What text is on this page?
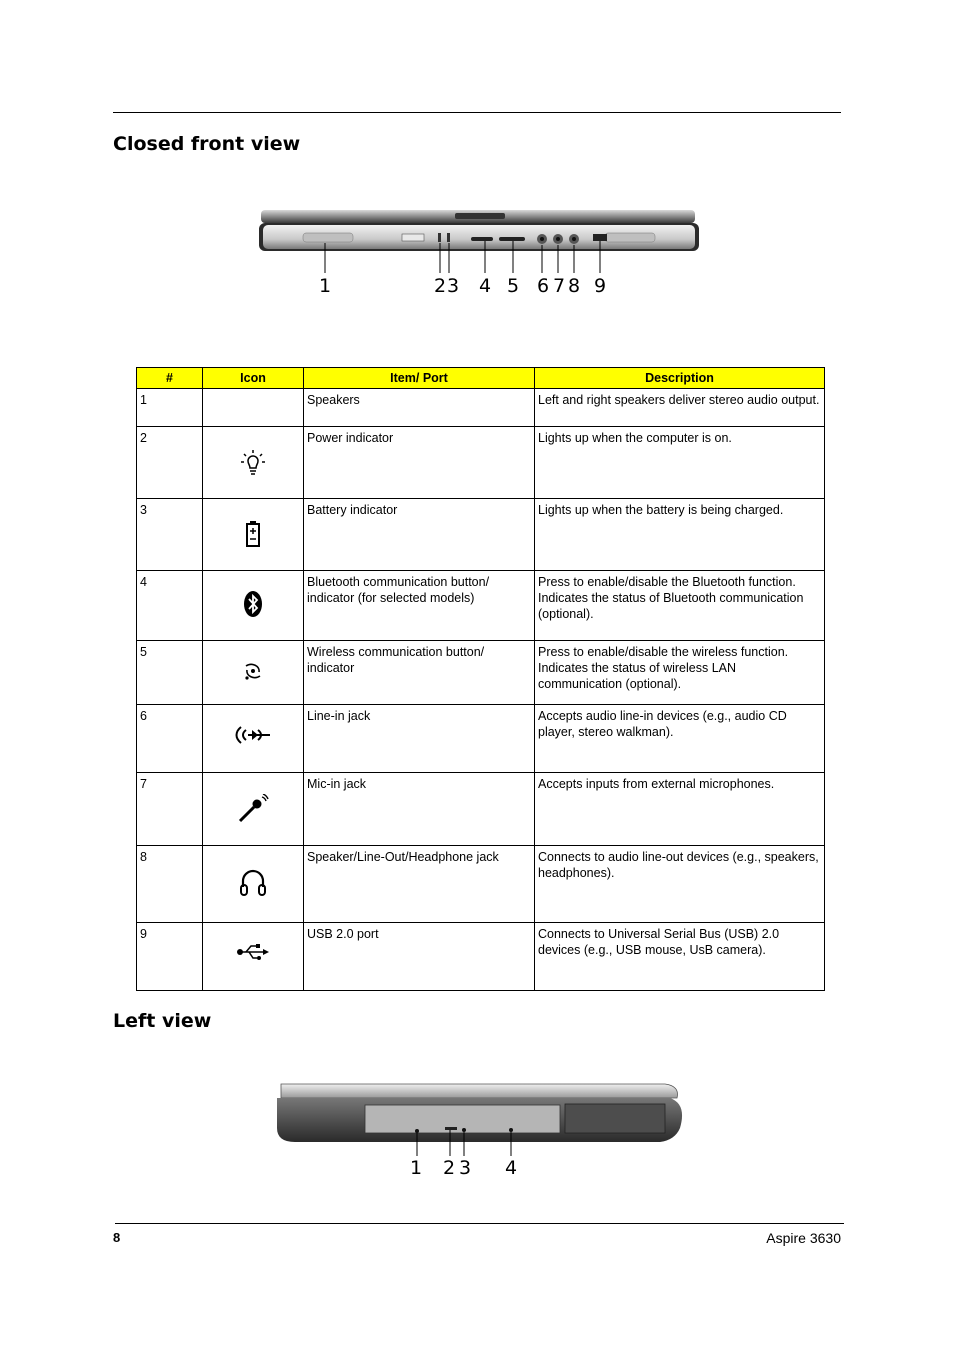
Closed front view
1	2 3 4 5 6 7 8 9
#	Icon	Item/ Port	Description
1		Speakers	Left and right speakers deliver stereo audio output.
2		Power indicator	Lights up when the computer is on.
3		Battery indicator	Lights up when the battery is being charged.
4		Bluetooth communication button/ indicator (for selected models)	Press to enable/disable the Bluetooth function. Indicates the status of Bluetooth communication (optional).
5		Wireless communication button/ indicator	Press to enable/disable the wireless function. Indicates the status of wireless LAN communication (optional).
6		Line-in jack	Accepts audio line-in devices (e.g., audio CD player, stereo walkman).
7		Mic-in jack	Accepts inputs from external microphones.
8		Speaker/Line-Out/Headphone jack	Connects to audio line-out devices (e.g., speakers, headphones).
9		USB 2.0 port	Connects to Universal Serial Bus (USB) 2.0 devices (e.g., USB mouse, UsB camera).
Left view
1 2 3 4
8	Aspire 3630
